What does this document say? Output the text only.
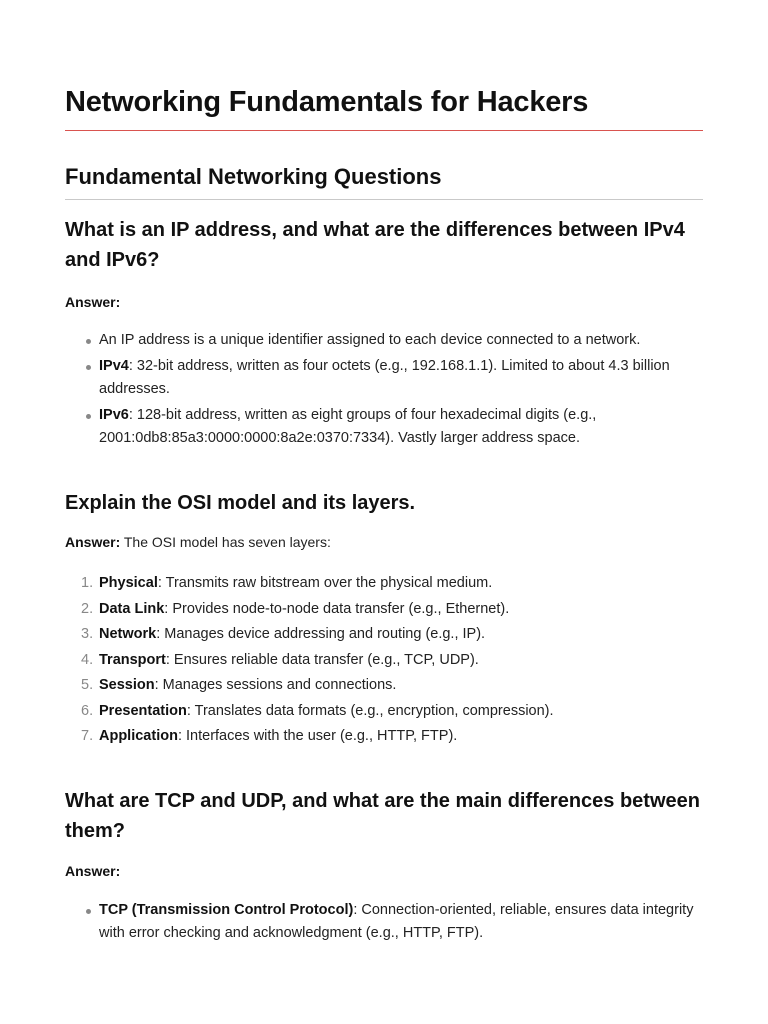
Networking Fundamentals for Hackers
Fundamental Networking Questions
What is an IP address, and what are the differences between IPv4 and IPv6?

Answer:

An IP address is a unique identifier assigned to each device connected to a network.
IPv4: 32-bit address, written as four octets (e.g., 192.168.1.1). Limited to about 4.3 billion addresses.
IPv6: 128-bit address, written as eight groups of four hexadecimal digits (e.g., 2001:0db8:85a3:0000:0000:8a2e:0370:7334). Vastly larger address space.
Explain the OSI model and its layers.

Answer: The OSI model has seven layers:

1. Physical: Transmits raw bitstream over the physical medium.
2. Data Link: Provides node-to-node data transfer (e.g., Ethernet).
3. Network: Manages device addressing and routing (e.g., IP).
4. Transport: Ensures reliable data transfer (e.g., TCP, UDP).
5. Session: Manages sessions and connections.
6. Presentation: Translates data formats (e.g., encryption, compression).
7. Application: Interfaces with the user (e.g., HTTP, FTP).
What are TCP and UDP, and what are the main differences between them?

Answer:

TCP (Transmission Control Protocol): Connection-oriented, reliable, ensures data integrity with error checking and acknowledgment (e.g., HTTP, FTP).
